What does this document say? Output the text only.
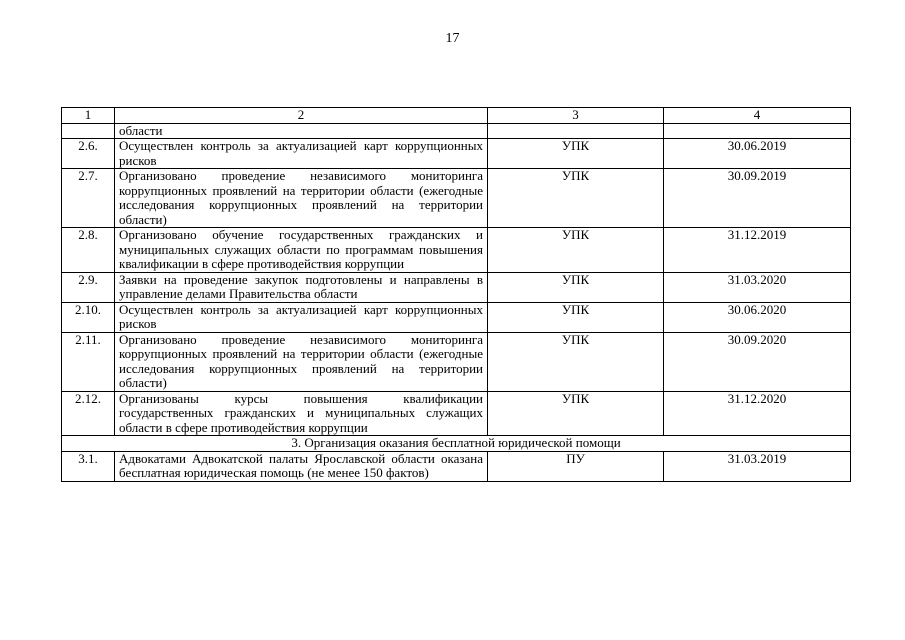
17
1	2	3	4
	области		
2.6.	Осуществлен контроль за актуализацией карт коррупционных рисков	УПК	30.06.2019
2.7.	Организовано проведение независимого мониторинга коррупционных проявлений на территории области (ежегодные исследования коррупционных проявлений на территории области)	УПК	30.09.2019
2.8.	Организовано обучение государственных гражданских и муниципальных служащих области по программам повышения квалификации в сфере противодействия коррупции	УПК	31.12.2019
2.9.	Заявки на проведение закупок подготовлены и направлены в управление делами Правительства области	УПК	31.03.2020
2.10.	Осуществлен контроль за актуализацией карт коррупционных рисков	УПК	30.06.2020
2.11.	Организовано проведение независимого мониторинга коррупционных проявлений на территории области (ежегодные исследования коррупционных проявлений на территории области)	УПК	30.09.2020
2.12.	Организованы курсы повышения квалификации государственных гражданских и муниципальных служащих области в сфере противодействия коррупции	УПК	31.12.2020
3. Организация оказания бесплатной юридической помощи			
3.1.	Адвокатами Адвокатской палаты Ярославской области оказана бесплатная юридическая помощь (не менее 150 фактов)	ПУ	31.03.2019
